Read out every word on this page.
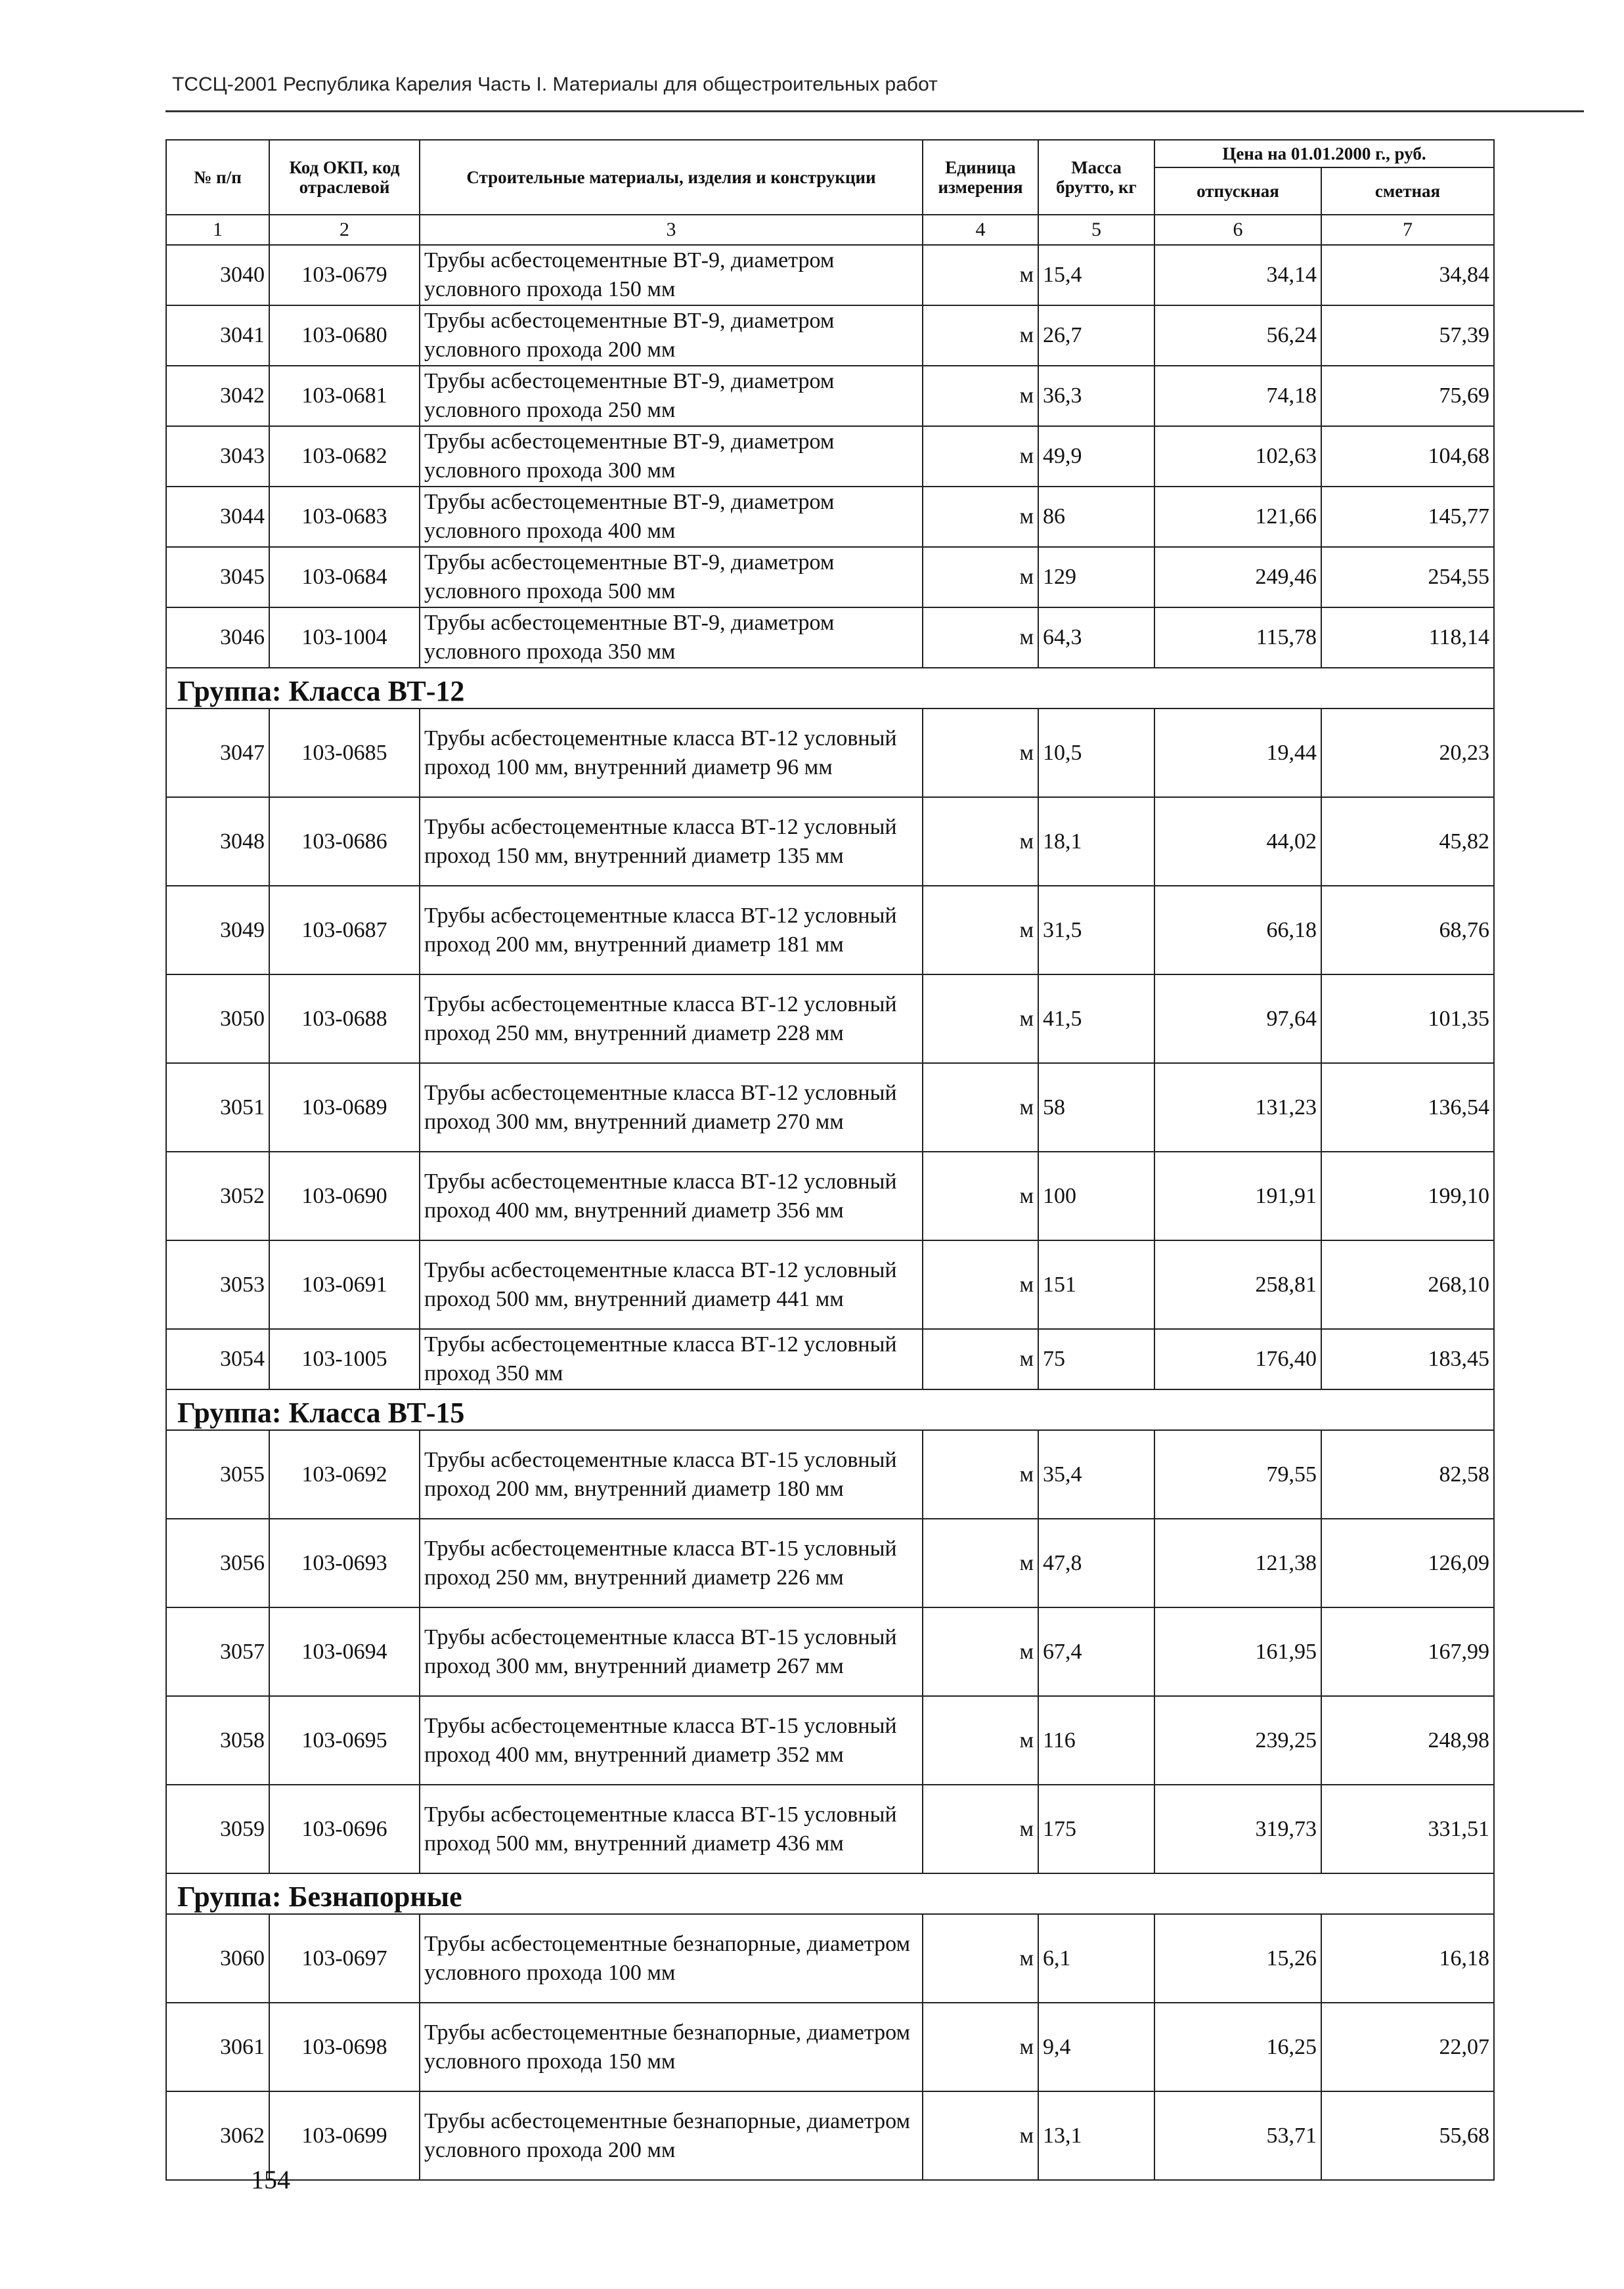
ТССЦ-2001 Республика Карелия Часть I. Материалы для общестроительных работ
№ п/п	Код ОКП, код отраслевой	Строительные материалы, изделия и конструкции	Единица измерения	Масса брутто, кг	Цена на 01.01.2000 г., руб.	
					отпускная	сметная
1	2	3	4	5	6	7
3040	103-0679	Трубы асбестоцементные ВТ-9, диаметром условного прохода 150 мм	м	15,4	34,14	34,84
3041	103-0680	Трубы асбестоцементные ВТ-9, диаметром условного прохода 200 мм	м	26,7	56,24	57,39
3042	103-0681	Трубы асбестоцементные ВТ-9, диаметром условного прохода 250 мм	м	36,3	74,18	75,69
3043	103-0682	Трубы асбестоцементные ВТ-9, диаметром условного прохода 300 мм	м	49,9	102,63	104,68
3044	103-0683	Трубы асбестоцементные ВТ-9, диаметром условного прохода 400 мм	м	86	121,66	145,77
3045	103-0684	Трубы асбестоцементные ВТ-9, диаметром условного прохода 500 мм	м	129	249,46	254,55
3046	103-1004	Трубы асбестоцементные ВТ-9, диаметром условного прохода 350 мм	м	64,3	115,78	118,14
Группа: Класса ВТ-12						
3047	103-0685	Трубы асбестоцементные класса ВТ-12 условный проход 100 мм, внутренний диаметр 96 мм	м	10,5	19,44	20,23
3048	103-0686	Трубы асбестоцементные класса ВТ-12 условный проход 150 мм, внутренний диаметр 135 мм	м	18,1	44,02	45,82
3049	103-0687	Трубы асбестоцементные класса ВТ-12 условный проход 200 мм, внутренний диаметр 181 мм	м	31,5	66,18	68,76
3050	103-0688	Трубы асбестоцементные класса ВТ-12 условный проход 250 мм, внутренний диаметр 228 мм	м	41,5	97,64	101,35
3051	103-0689	Трубы асбестоцементные класса ВТ-12 условный проход 300 мм, внутренний диаметр 270 мм	м	58	131,23	136,54
3052	103-0690	Трубы асбестоцементные класса ВТ-12 условный проход 400 мм, внутренний диаметр 356 мм	м	100	191,91	199,10
3053	103-0691	Трубы асбестоцементные класса ВТ-12 условный проход 500 мм, внутренний диаметр 441 мм	м	151	258,81	268,10
3054	103-1005	Трубы асбестоцементные класса ВТ-12 условный проход 350 мм	м	75	176,40	183,45
Группа: Класса ВТ-15						
3055	103-0692	Трубы асбестоцементные класса ВТ-15 условный проход 200 мм, внутренний диаметр 180 мм	м	35,4	79,55	82,58
3056	103-0693	Трубы асбестоцементные класса ВТ-15 условный проход 250 мм, внутренний диаметр 226 мм	м	47,8	121,38	126,09
3057	103-0694	Трубы асбестоцементные класса ВТ-15 условный проход 300 мм, внутренний диаметр 267 мм	м	67,4	161,95	167,99
3058	103-0695	Трубы асбестоцементные класса ВТ-15 условный проход 400 мм, внутренний диаметр 352 мм	м	116	239,25	248,98
3059	103-0696	Трубы асбестоцементные класса ВТ-15 условный проход 500 мм, внутренний диаметр 436 мм	м	175	319,73	331,51
Группа: Безнапорные						
3060	103-0697	Трубы асбестоцементные безнапорные, диаметром условного прохода 100 мм	м	6,1	15,26	16,18
3061	103-0698	Трубы асбестоцементные безнапорные, диаметром условного прохода 150 мм	м	9,4	16,25	22,07
3062	103-0699	Трубы асбестоцементные безнапорные, диаметром условного прохода 200 мм	м	13,1	53,71	55,68
154
